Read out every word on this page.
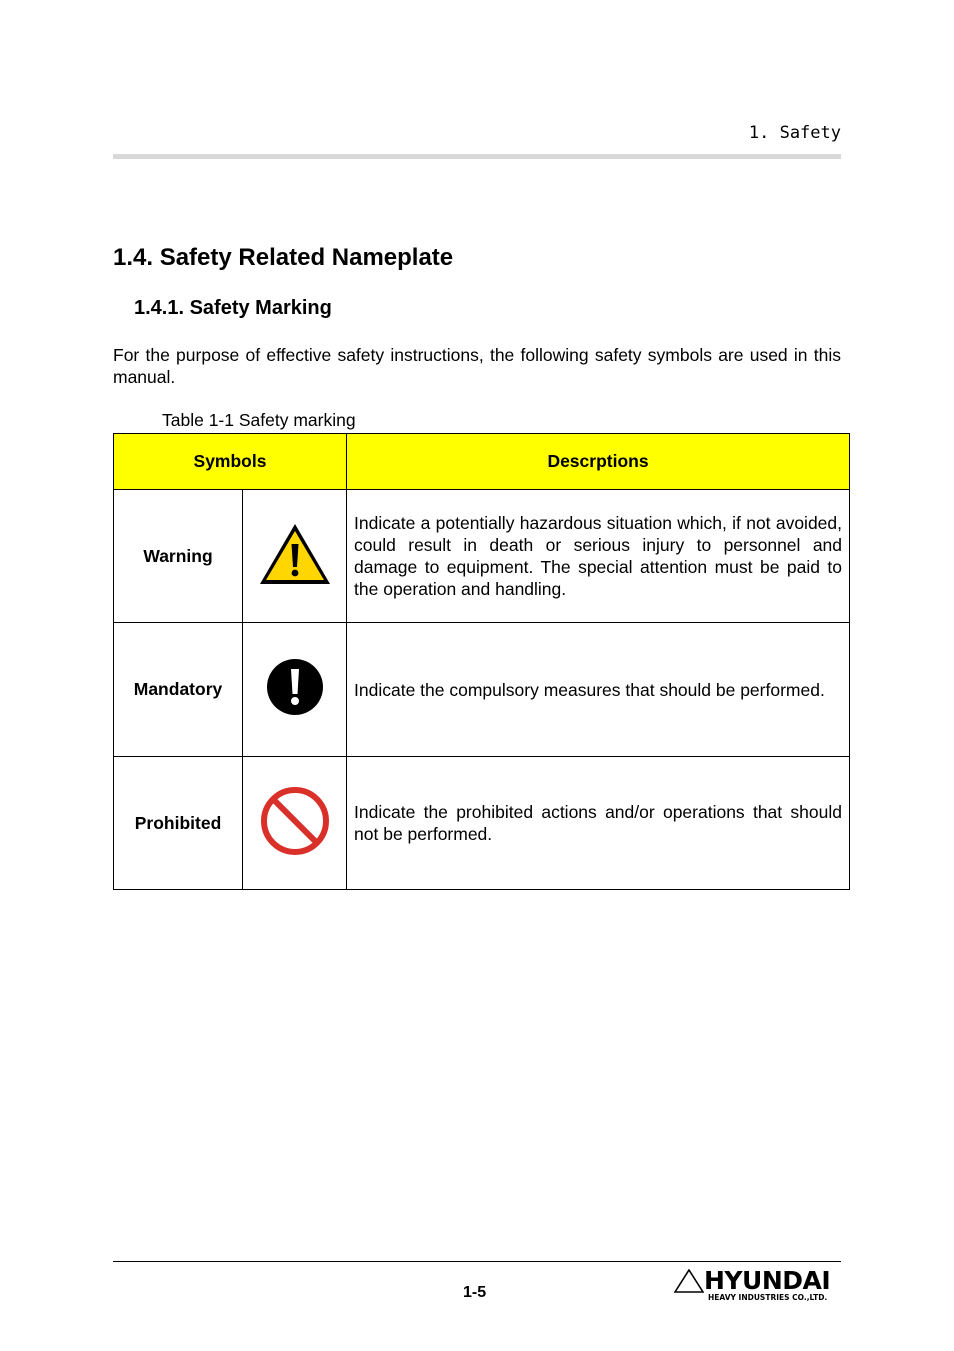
1. Safety
1.4. Safety Related Nameplate
1.4.1. Safety Marking
For the purpose of effective safety instructions, the following safety symbols are used in this manual.
Table 1-1 Safety marking
Symbols		Descrptions
Warning		Indicate a potentially hazardous situation which, if not avoided, could result in death or serious injury to personnel and damage to equipment. The special attention must be paid to the operation and handling.
Mandatory		Indicate the compulsory measures that should be performed.
Prohibited		Indicate the prohibited actions and/or operations that should not be performed.
1-5	HYUNDAI
HEAVY INDUSTRIES CO.,LTD.
